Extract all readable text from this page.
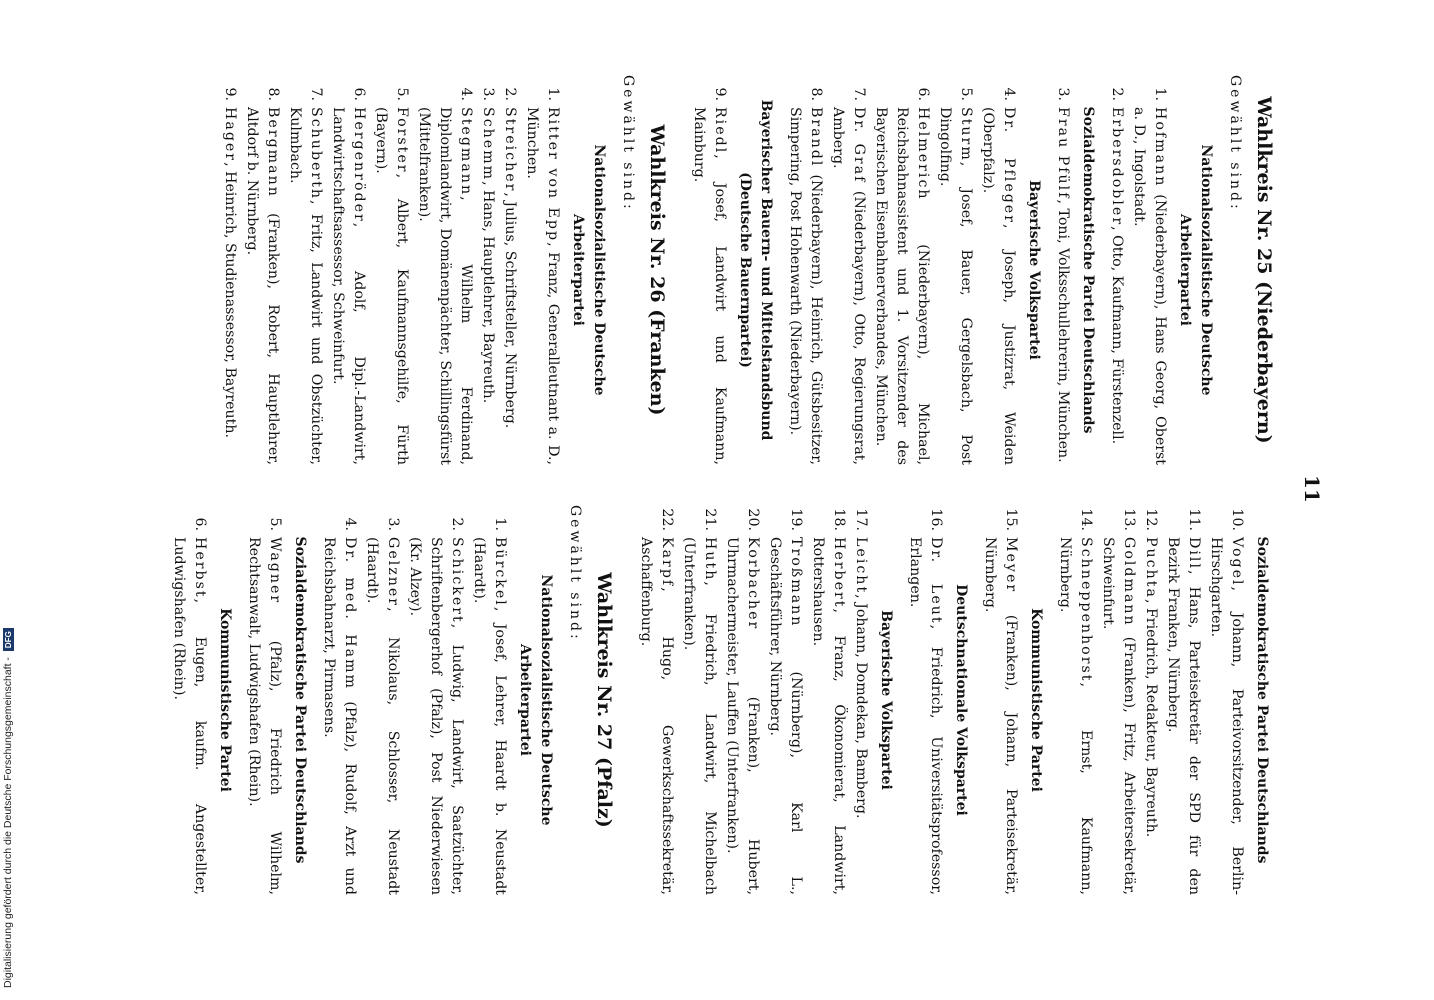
11
Wahlkreis Nr. 25 (Niederbayern)
Gewählt sind:
Nationalsozialistische Deutsche Arbeiterpartei
1.
Hofmann (Niederbayern), Hans Georg, Oberst a. D., Ingolstadt.
2.
Erbersdobler, Otto, Kaufmann, Fürstenzell.
Sozialdemokratische Partei Deutschlands
3.
Frau Pfülf, Toni, Volksschullehrerin, München.
Bayerische Volkspartei
4.
Dr. Pfleger, Joseph, Justizrat, Weiden (Oberpfalz).
5.
Sturm, Josef, Bauer, Gergelsbach, Post Dingolfing.
6.
Helmerich (Niederbayern), Michael, Reichsbahnassistent und 1. Vorsitzender des Bayerischen Eisenbahnerverbandes, München.
7.
Dr. Graf (Niederbayern), Otto, Regierungsrat, Amberg.
8.
Brandl (Niederbayern), Heinrich, Gütsbesitzer, Simpering, Post Hohenwarth (Niederbayern).
Bayerischer Bauern- und Mittelstandsbund (Deutsche Bauernpartei)
9.
Riedl, Josef, Landwirt und Kaufmann, Mainburg.
Wahlkreis Nr. 26 (Franken)
Gewählt sind:
Nationalsozialistische Deutsche Arbeiterpartei
1.
Ritter von Epp, Franz, Generalleutnant a. D., München.
2.
Streicher, Julius, Schriftsteller, Nürnberg.
3.
Schemm, Hans, Hauptlehrer, Bayreuth.
4.
Stegmann, Wilhelm Ferdinand, Diplomlandwirt, Domänenpächter, Schillingsfürst (Mittelfranken).
5.
Forster, Albert, Kaufmannsgehilfe, Fürth (Bayern).
6.
Hergenröder, Adolf, Dipl.-Landwirt, Landwirtschaftsassessor, Schweinfurt.
7.
Schuberth, Fritz, Landwirt und Obstzüchter, Kulmbach.
8.
Bergmann (Franken), Robert, Hauptlehrer, Altdorf b. Nürnberg.
9.
Hager, Heinrich, Studienassessor, Bayreuth.
Sozialdemokratische Partei Deutschlands
10.
Vogel, Johann, Parteivorsitzender, Berlin-Hirschgarten.
11.
Dill, Hans, Parteisekretär der SPD für den Bezirk Franken, Nürnberg.
12.
Puchta, Friedrich, Redakteur, Bayreuth.
13.
Goldmann (Franken), Fritz, Arbeitersekretär, Schweinfurt.
14.
Schneppenhorst, Ernst, Kaufmann, Nürnberg.
Kommunistische Partei
15.
Meyer (Franken), Johann, Parteisekretär, Nürnberg.
Deutschnationale Volkspartei
16.
Dr. Leut, Friedrich, Universitätsprofessor, Erlangen.
Bayerische Volkspartei
17.
Leicht, Johann, Domdekan, Bamberg.
18.
Herbert, Franz, Ökonomierat, Landwirt, Rottershausen.
19.
Troßmann (Nürnberg), Karl L., Geschäftsführer, Nürnberg.
20.
Korbacher (Franken), Hubert, Uhrmachermeister, Lauffen (Unterfranken).
21.
Huth, Friedrich, Landwirt, Michelbach (Unterfranken).
22.
Karpf, Hugo, Gewerkschaftssekretär, Aschaffenburg.
Wahlkreis Nr. 27 (Pfalz)
Gewählt sind:
Nationalsozialistische Deutsche Arbeiterpartei
1.
Bürckel, Josef, Lehrer, Haardt b. Neustadt (Haardt).
2.
Schickert, Ludwig, Landwirt, Saatzüchter, Schriftenbergerhof (Pfalz), Post Niederwiesen (Kr. Alzey).
3.
Gelzner, Nikolaus, Schlosser, Neustadt (Haardt).
4.
Dr. med. Hamm (Pfalz), Rudolf, Arzt und Reichsbahnarzt, Pirmasens.
Sozialdemokratische Partei Deutschlands
5.
Wagner (Pfalz), Friedrich Wilhelm, Rechtsanwalt, Ludwigshafen (Rhein).
Kommunistische Partei
6.
Herbst, Eugen, kaufm. Angestellter, Ludwigshafen (Rhein).
Digitalisierung gefördert durch die Deutsche Forschungsgemeinschaft -
DFG
